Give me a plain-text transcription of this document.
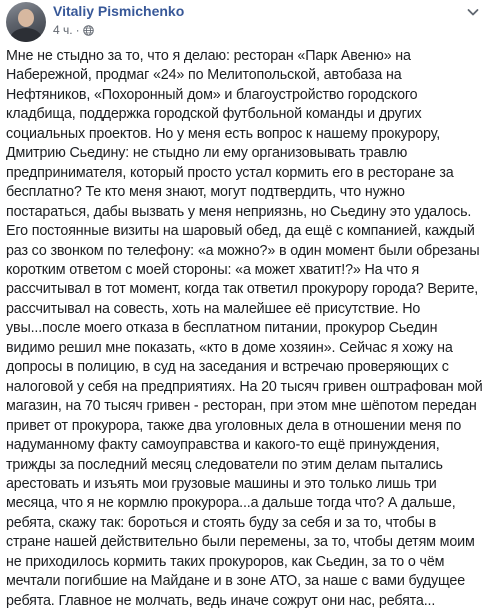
Vitaliy Pismichenko
4 ч. ·

Мне не стыдно за то, что я делаю: ресторан «Парк Авеню» на
Набережной, продмаг «24» по Мелитопольской, автобаза на
Нефтяников, «Похоронный дом» и благоустройство городского
кладбища, поддержка городской футбольной команды и других
социальных проектов. Но у меня есть вопрос к нашему прокурору,
Дмитрию Сьедину: не стыдно ли ему организовывать травлю
предпринимателя, который просто устал кормить его в ресторане за
бесплатно? Те кто меня знают, могут подтвердить, что нужно
постараться, дабы вызвать у меня неприязнь, но Сьедину это удалось.
Его постоянные визиты на шаровый обед, да ещё с компанией, каждый
раз со звонком по телефону: «а можно?» в один момент были обрезаны
коротким ответом с моей стороны: «а может хватит!?» На что я
рассчитывал в тот момент, когда так ответил прокурору города? Верите,
рассчитывал на совесть, хоть на малейшее её присутствие. Но
увы...после моего отказа в бесплатном питании, прокурор Сьедин
видимо решил мне показать, «кто в доме хозяин». Сейчас я хожу на
допросы в полицию, в суд на заседания и встречаю проверяющих с
налоговой у себя на предприятиях. На 20 тысяч гривен оштрафован мой
магазин, на 70 тысяч гривен - ресторан, при этом мне шёпотом передан
привет от прокурора, также два уголовных дела в отношении меня по
надуманному факту самоуправства и какого-то ещё принуждения,
трижды за последний месяц следователи по этим делам пытались
арестовать и изъять мои грузовые машины и это только лишь три
месяца, что я не кормлю прокурора...а дальше тогда что? А дальше,
ребята, скажу так: бороться и стоять буду за себя и за то, чтобы в
стране нашей действительно были перемены, за то, чтобы детям моим
не приходилось кормить таких прокуроров, как Сьедин, за то о чём
мечтали погибшие на Майдане и в зоне АТО, за наше с вами будущее
ребята. Главное не молчать, ведь иначе сожрут они нас, ребята...
